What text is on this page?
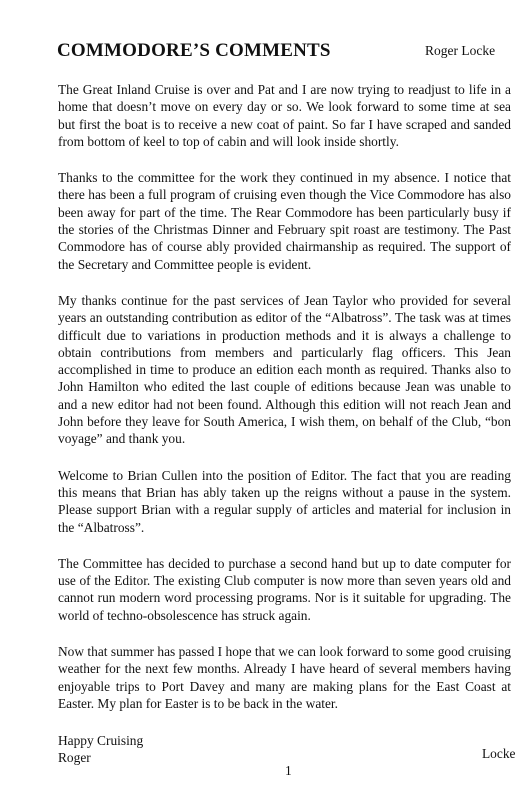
COMMODORE’S COMMENTS	Roger Locke

The Great Inland Cruise is over and Pat and I are now trying to readjust to life in a home that doesn’t move on every day or so. We look forward to some time at sea but first the boat is to receive a new coat of paint. So far I have scraped and sanded from bottom of keel to top of cabin and will look inside shortly.

Thanks to the committee for the work they continued in my absence. I notice that there has been a full program of cruising even though the Vice Commodore has also been away for part of the time. The Rear Commodore has been particularly busy if the stories of the Christmas Dinner and February spit roast are testimony. The Past Commodore has of course ably provided chairmanship as required. The support of the Secretary and Committee people is evident.

My thanks continue for the past services of Jean Taylor who provided for several years an outstanding contribution as editor of the “Albatross”. The task was at times difficult due to variations in production methods and it is always a challenge to obtain contributions from members and particularly flag officers. This Jean accomplished in time to produce an edition each month as required. Thanks also to John Hamilton who edited the last couple of editions because Jean was unable to and a new editor had not been found. Although this edition will not reach Jean and John before they leave for South America, I wish them, on behalf of the Club, “bon voyage” and thank you.

Welcome to Brian Cullen into the position of Editor. The fact that you are reading this means that Brian has ably taken up the reigns without a pause in the system. Please support Brian with a regular supply of articles and material for inclusion in the “Albatross”.

The Committee has decided to purchase a second hand but up to date computer for use of the Editor. The existing Club computer is now more than seven years old and cannot run modern word processing programs. Nor is it suitable for upgrading. The world of techno-obsolescence has struck again.

Now that summer has passed I hope that we can look forward to some good cruising weather for the next few months. Already I have heard of several members having enjoyable trips to Port Davey and many are making plans for the East Coast at Easter. My plan for Easter is to be back in the water.

Happy Cruising
Roger	Locke
1
